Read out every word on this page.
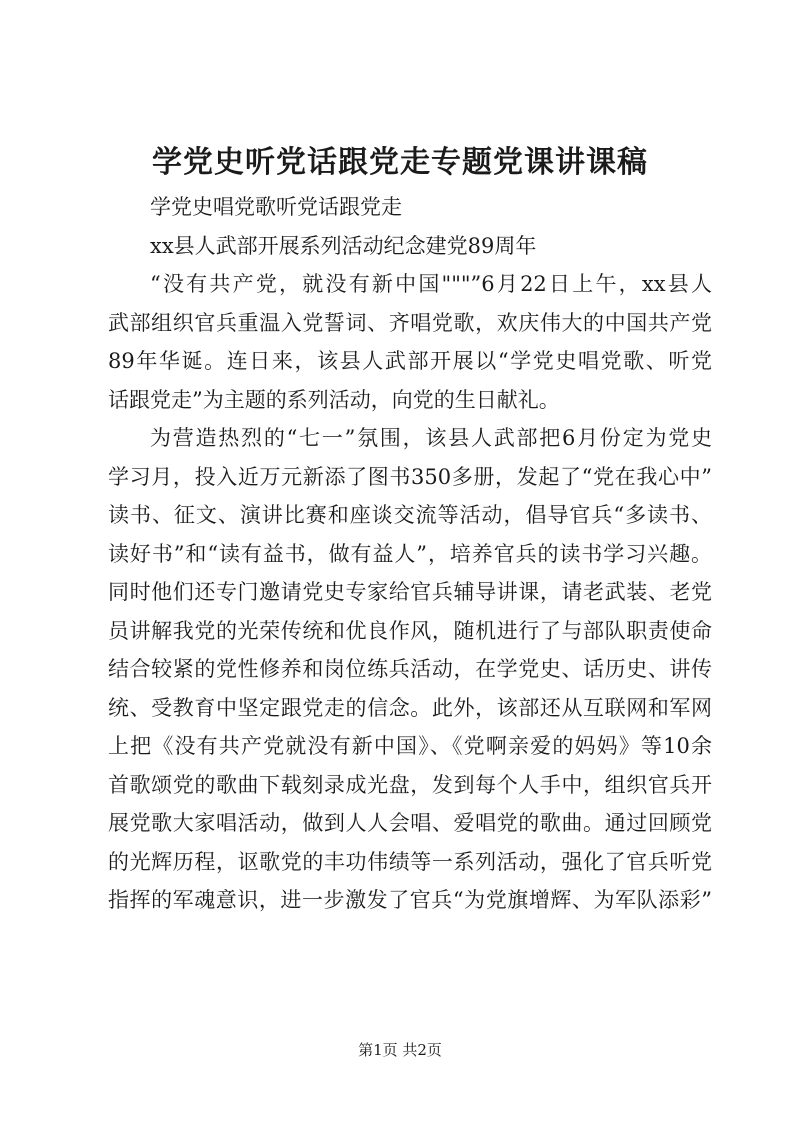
学党史听党话跟党走专题党课讲课稿
学党史唱党歌听党话跟党走
xx县人武部开展系列活动纪念建党89周年
“没有共产党，就没有新中国"""”6月22日上午，xx县人
武部组织官兵重温入党誓词、齐唱党歌，欢庆伟大的中国共产党
89年华诞。连日来，该县人武部开展以“学党史唱党歌、听党
话跟党走”为主题的系列活动，向党的生日献礼。
为营造热烈的“七一”氛围，该县人武部把6月份定为党史
学习月，投入近万元新添了图书350多册，发起了“党在我心中”
读书、征文、演讲比赛和座谈交流等活动，倡导官兵“多读书、
读好书”和“读有益书，做有益人”，培养官兵的读书学习兴趣。
同时他们还专门邀请党史专家给官兵辅导讲课，请老武装、老党
员讲解我党的光荣传统和优良作风，随机进行了与部队职责使命
结合较紧的党性修养和岗位练兵活动，在学党史、话历史、讲传
统、受教育中坚定跟党走的信念。此外，该部还从互联网和军网
上把《没有共产党就没有新中国》、《党啊亲爱的妈妈》等10余
首歌颂党的歌曲下载刻录成光盘，发到每个人手中，组织官兵开
展党歌大家唱活动，做到人人会唱、爱唱党的歌曲。通过回顾党
的光辉历程，讴歌党的丰功伟绩等一系列活动，强化了官兵听党
指挥的军魂意识，进一步激发了官兵“为党旗增辉、为军队添彩”
第1页 共2页
